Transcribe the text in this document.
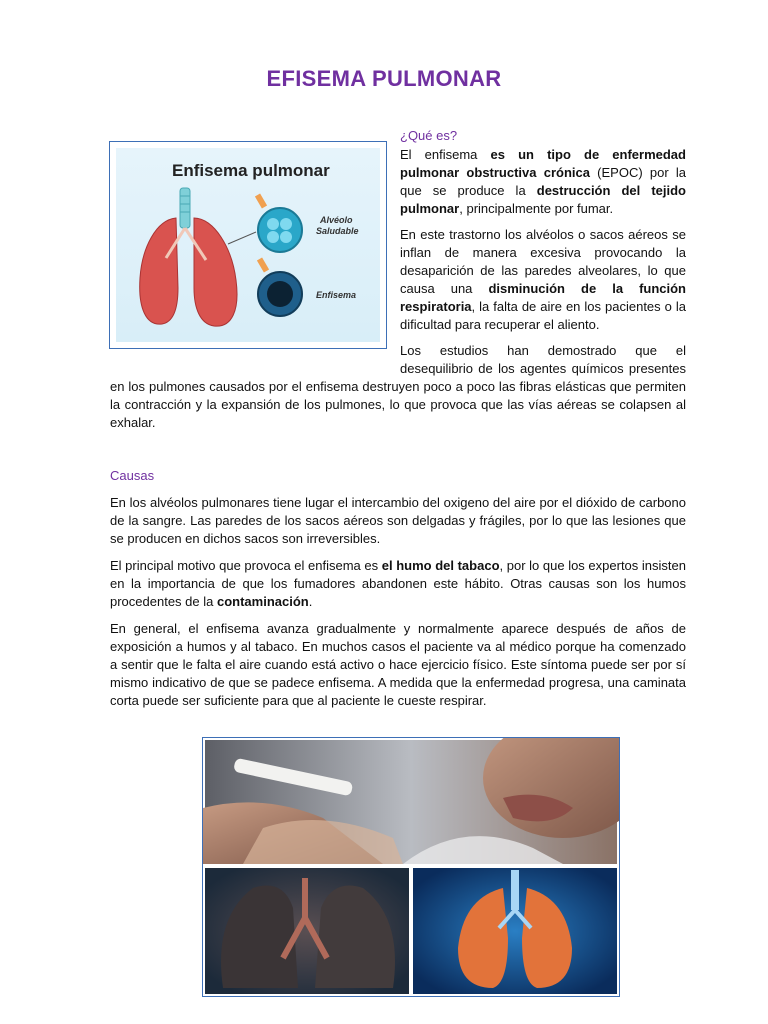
EFISEMA PULMONAR
Enfisema pulmonar
Alvéolo
Saludable
Enfisema
¿Qué es?
El enfisema es un tipo de enfermedad pulmonar obstructiva crónica (EPOC) por la que se produce la destrucción del tejido pulmonar, principalmente por fumar.
En este trastorno los alvéolos o sacos aéreos se inflan de manera excesiva provocando la desaparición de las paredes alveolares, lo que causa una disminución de la función respiratoria, la falta de aire en los pacientes o la dificultad para recuperar el aliento.
Los estudios han demostrado que el desequilibrio de los agentes químicos presentes
en los pulmones causados por el enfisema destruyen poco a poco las fibras elásticas que permiten la contracción y la expansión de los pulmones, lo que provoca que las vías aéreas se colapsen al exhalar.
Causas
En los alvéolos pulmonares tiene lugar el intercambio del oxigeno del aire por el dióxido de carbono de la sangre. Las paredes de los sacos aéreos son delgadas y frágiles, por lo que las lesiones que se producen en dichos sacos son irreversibles.
El principal motivo que provoca el enfisema es el humo del tabaco, por lo que los expertos insisten en la importancia de que los fumadores abandonen este hábito. Otras causas son los humos procedentes de la contaminación.
En general, el enfisema avanza gradualmente y normalmente aparece después de años de exposición a humos y al tabaco. En muchos casos el paciente va al médico porque ha comenzado a sentir que le falta el aire cuando está activo o hace ejercicio físico. Este síntoma puede ser por sí mismo indicativo de que se padece enfisema. A medida que la enfermedad progresa, una caminata corta puede ser suficiente para que al paciente le cueste respirar.
